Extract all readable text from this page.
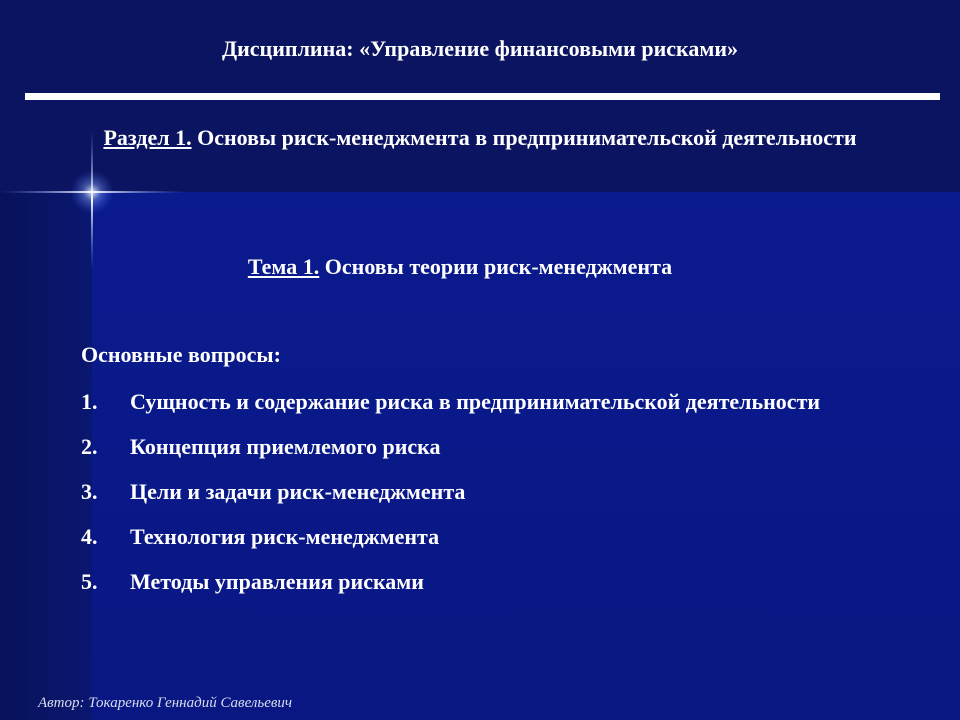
Дисциплина: «Управление финансовыми рисками»
Раздел 1. Основы риск-менеджмента в предпринимательской деятельности
Тема 1. Основы теории риск-менеджмента
Основные вопросы:
1.	Сущность и содержание риска в предпринимательской деятельности
2.	Концепция приемлемого риска
3.	Цели и задачи риск-менеджмента
4.	Технология риск-менеджмента
5.	Методы управления рисками
Автор: Токаренко Геннадий Савельевич
